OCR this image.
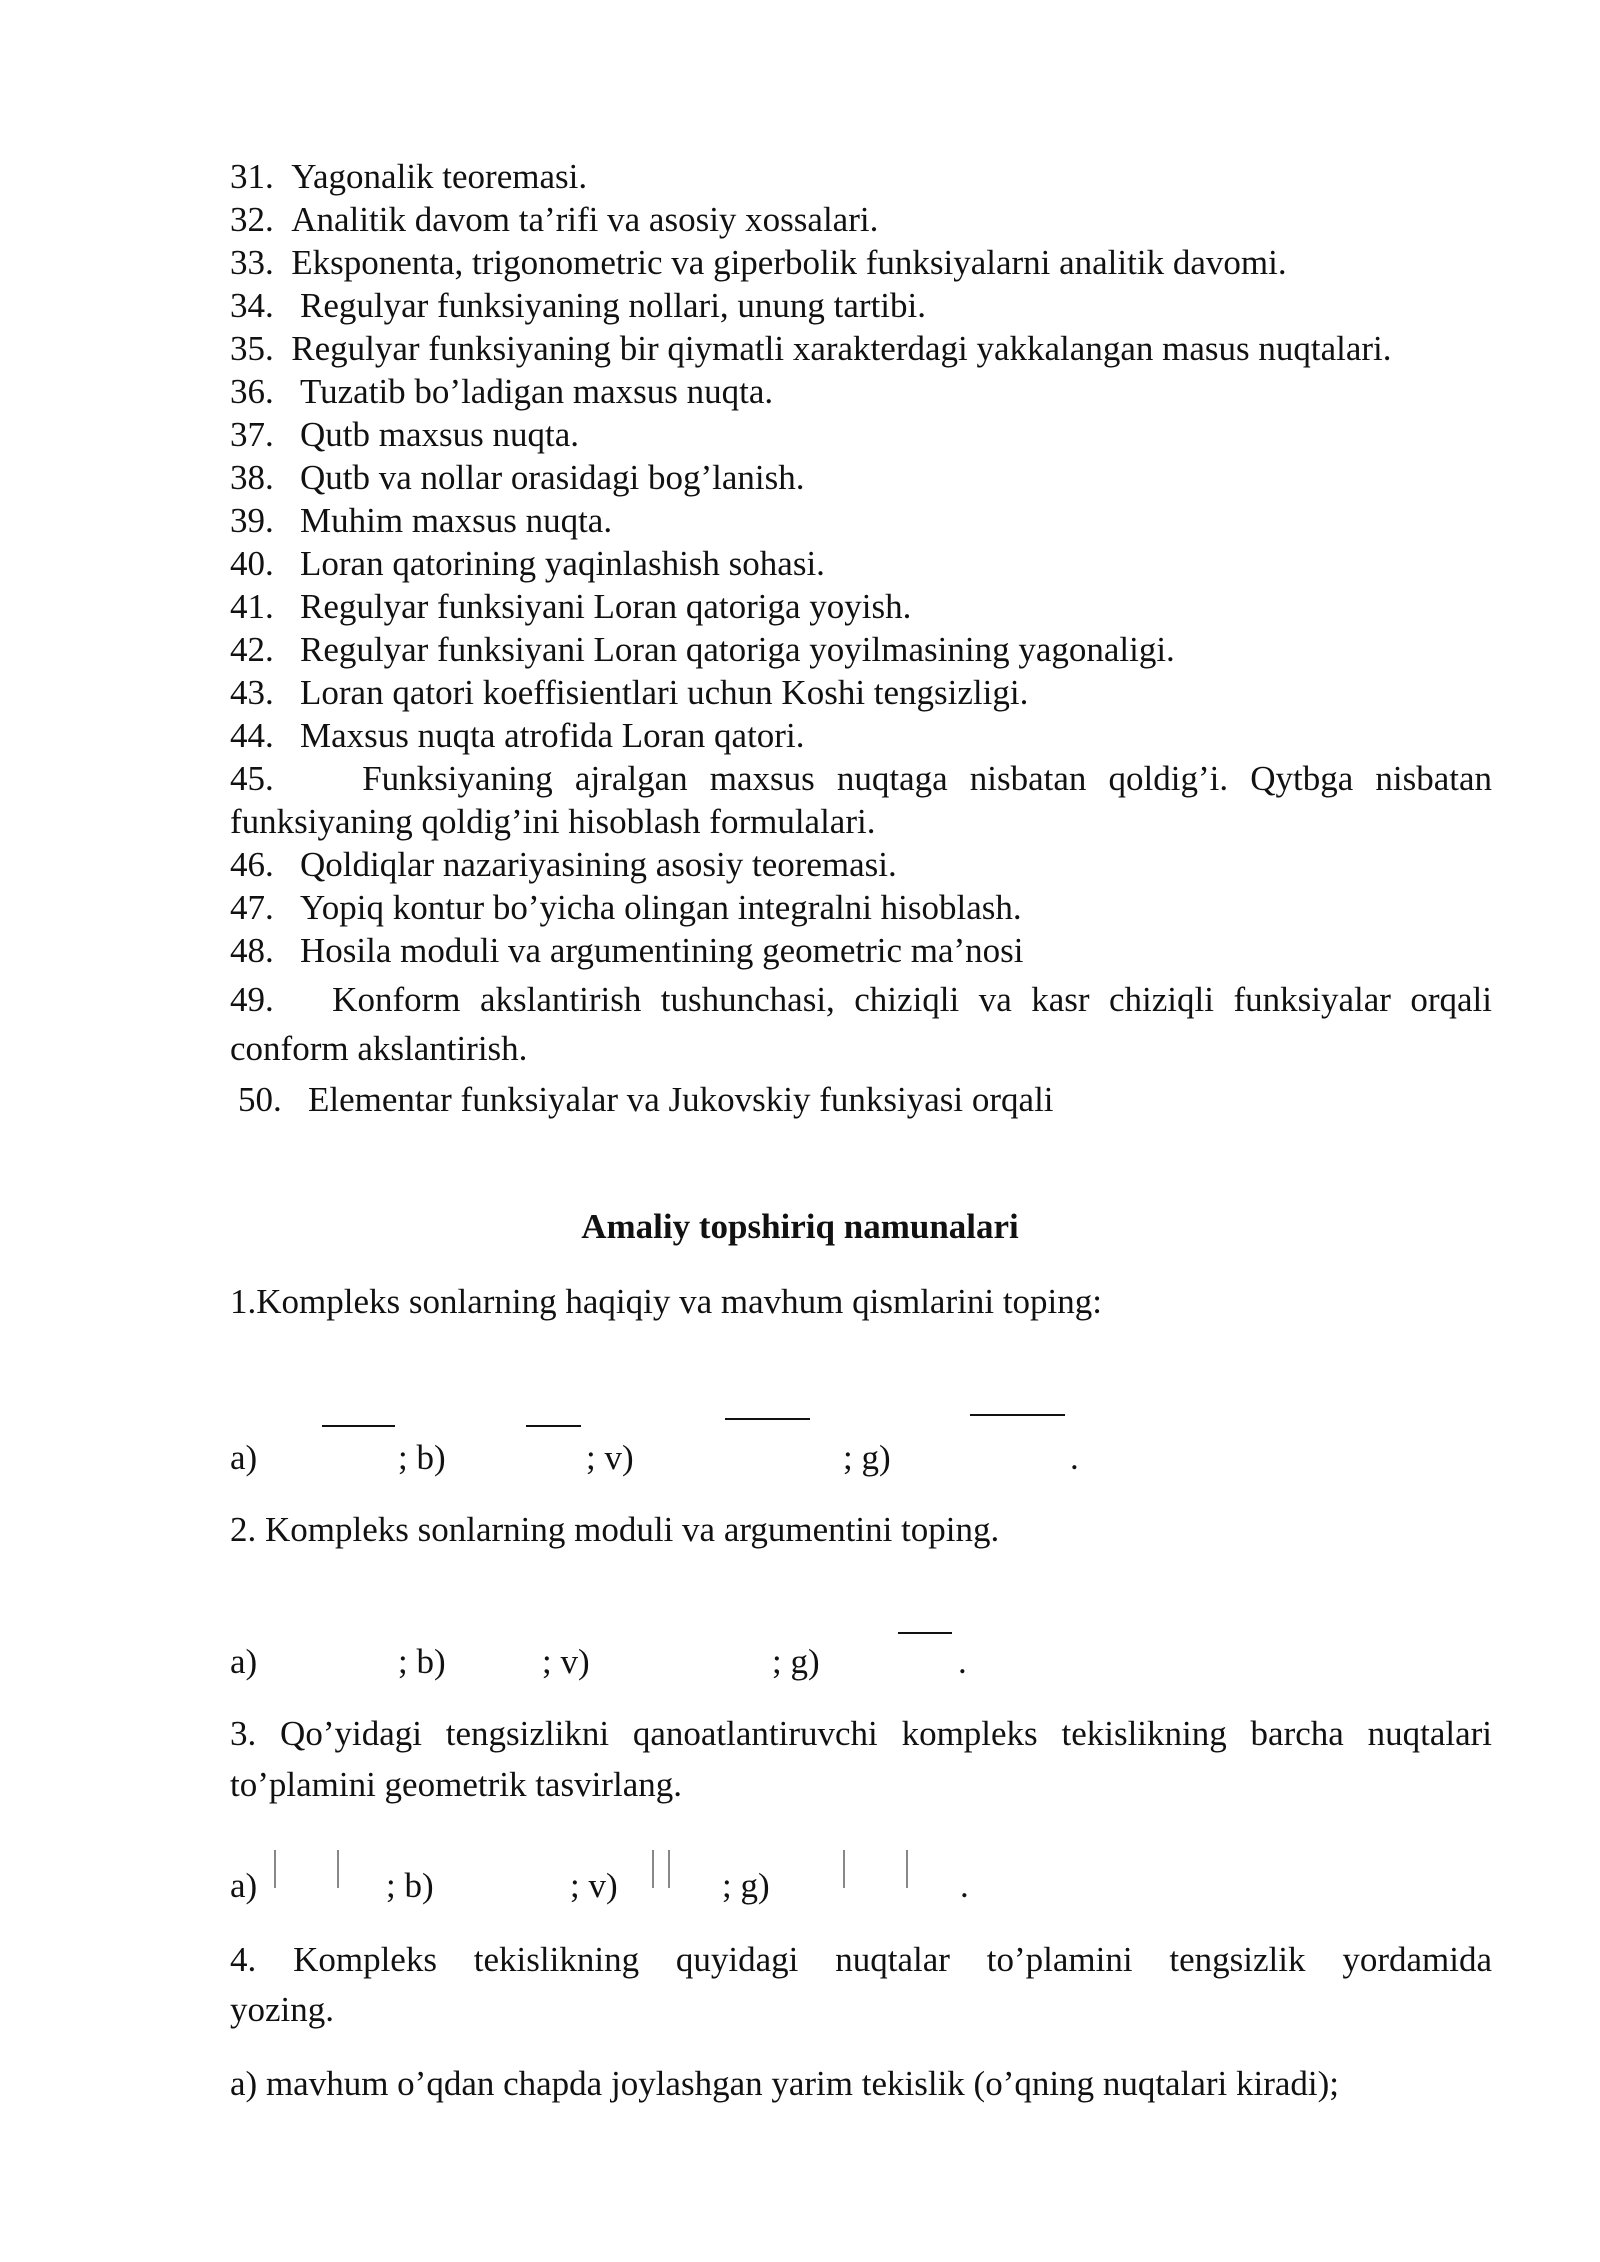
31. Yagonalik teoremasi.
32. Analitik davom ta’rifi va asosiy xossalari.
33. Eksponenta, trigonometric va giperbolik funksiyalarni analitik davomi.
34. Regulyar funksiyaning nollari, unung tartibi.
35. Regulyar funksiyaning bir qiymatli xarakterdagi yakkalangan masus nuqtalari.
36. Tuzatib bo’ladigan maxsus nuqta.
37. Qutb maxsus nuqta.
38. Qutb va nollar orasidagi bog’lanish.
39. Muhim maxsus nuqta.
40. Loran qatorining yaqinlashish sohasi.
41. Regulyar funksiyani Loran qatoriga yoyish.
42. Regulyar funksiyani Loran qatoriga yoyilmasining yagonaligi.
43. Loran qatori koeffisientlari uchun Koshi tengsizligi.
44. Maxsus nuqta atrofida Loran qatori.
45.	Funksiyaning ajralgan maxsus nuqtaga nisbatan qoldig’i. Qytbga nisbatan
funksiyaning qoldig’ini hisoblash formulalari.
46. Qoldiqlar nazariyasining asosiy teoremasi.
47. Yopiq kontur bo’yicha olingan integralni hisoblash.
48. Hosila moduli va argumentining geometric ma’nosi
49. Konform akslantirish tushunchasi, chiziqli va kasr chiziqli funksiyalar orqali
conform akslantirish.
50. Elementar funksiyalar va Jukovskiy funksiyasi orqali
Amaliy topshiriq namunalari
1.Kompleks sonlarning haqiqiy va mavhum qismlarini toping:
a)	; b)	; v)	; g)	.
2. Kompleks sonlarning moduli va argumentini toping.
a)	; b)	; v)	; g)	.
3. Qo’yidagi tengsizlikni qanoatlantiruvchi kompleks tekislikning barcha nuqtalari
to’plamini geometrik tasvirlang.
a)	; b)	; v)	; g)	.
4. Kompleks tekislikning quyidagi nuqtalar to’plamini tengsizlik yordamida
yozing.
a) mavhum o’qdan chapda joylashgan yarim tekislik (o’qning nuqtalari kiradi);
